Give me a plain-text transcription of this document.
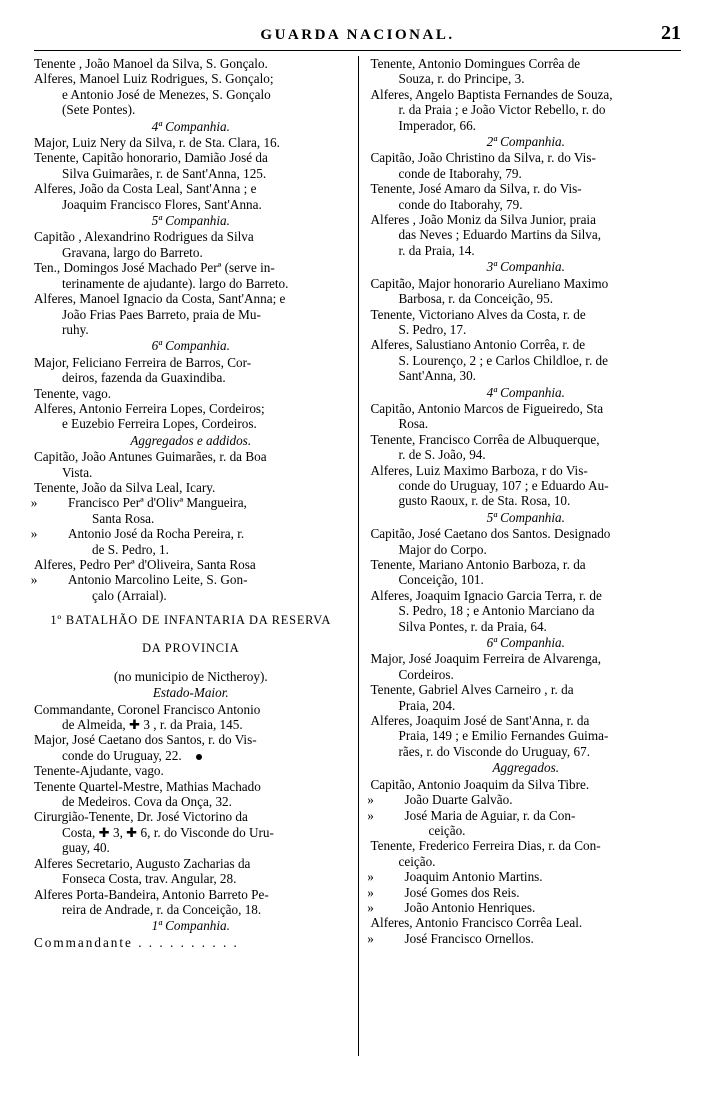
GUARDA NACIONAL.	21

Tenente , João Manoel da Silva, S. Gonçalo.

Alferes, Manoel Luiz Rodrigues, S. Gonçalo;

e Antonio José de Menezes, S. Gonçalo

(Sete Pontes).

4ª Companhia.

Major, Luiz Nery da Silva, r. de Sta. Clara, 16.

Tenente, Capitão honorario, Damião José da

Silva Guimarães, r. de Sant'Anna, 125.

Alferes, João da Costa Leal, Sant'Anna ; e

Joaquim Francisco Flores, Sant'Anna.

5ª Companhia.

Capitão , Alexandrino Rodrigues da Silva

Gravana, largo do Barreto.

Ten., Domingos José Machado Perª (serve in-

terinamente de ajudante). largo do Barreto.

Alferes, Manoel Ignacio da Costa, Sant'Anna; e

João Frias Paes Barreto, praia de Mu-

ruhy.

6ª Companhia.

Major, Feliciano Ferreira de Barros, Cor-

deiros, fazenda da Guaxindiba.

Tenente, vago.

Alferes, Antonio Ferreira Lopes, Cordeiros;

e Euzebio Ferreira Lopes, Cordeiros.

Aggregados e addidos.

Capitão, João Antunes Guimarães, r. da Boa

Vista.

Tenente, João da Silva Leal, Icary.

» Francisco Perª d'Olivª Mangueira,

Santa Rosa.

» Antonio José da Rocha Pereira, r.

de S. Pedro, 1.

Alferes, Pedro Perª d'Oliveira, Santa Rosa

» Antonio Marcolino Leite, S. Gon-

çalo (Arraial).

1º BATALHÃO DE INFANTARIA DA RESERVA

DA PROVINCIA

(no municipio de Nictheroy).

Estado-Maior.

Commandante, Coronel Francisco Antonio

de Almeida, ✚ 3 , r. da Praia, 145.

Major, José Caetano dos Santos, r. do Vis-

conde do Uruguay, 22.

Tenente-Ajudante, vago.

Tenente Quartel-Mestre, Mathias Machado

de Medeiros. Cova da Onça, 32.

Cirurgião-Tenente, Dr. José Victorino da

Costa, ✚ 3, ✚ 6, r. do Visconde do Uru-

guay, 40.

Alferes Secretario, Augusto Zacharias da

Fonseca Costa, trav. Angular, 28.

Alferes Porta-Bandeira, Antonio Barreto Pe-

reira de Andrade, r. da Conceição, 18.

1ª Companhia.

Commandante . . . . . . . . . .

Tenente, Antonio Domingues Corrêa de

Souza, r. do Principe, 3.

Alferes, Angelo Baptista Fernandes de Souza,

r. da Praia ; e João Victor Rebello, r. do

Imperador, 66.

2ª Companhia.

Capitão, João Christino da Silva, r. do Vis-

conde de Itaborahy, 79.

Tenente, José Amaro da Silva, r. do Vis-

conde do Itaborahy, 79.

Alferes , João Moniz da Silva Junior, praia

das Neves ; Eduardo Martins da Silva,

r. da Praia, 14.

3ª Companhia.

Capitão, Major honorario Aureliano Maximo

Barbosa, r. da Conceição, 95.

Tenente, Victoriano Alves da Costa, r. de

S. Pedro, 17.

Alferes, Salustiano Antonio Corrêa, r. de

S. Lourenço, 2 ; e Carlos Childloe, r. de

Sant'Anna, 30.

4ª Companhia.

Capitão, Antonio Marcos de Figueiredo, Sta

Rosa.

Tenente, Francisco Corrêa de Albuquerque,

r. de S. João, 94.

Alferes, Luiz Maximo Barboza, r do Vis-

conde do Uruguay, 107 ; e Eduardo Au-

gusto Raoux, r. de Sta. Rosa, 10.

5ª Companhia.

Capitão, José Caetano dos Santos. Designado

Major do Corpo.

Tenente, Mariano Antonio Barboza, r. da

Conceição, 101.

Alferes, Joaquim Ignacio Garcia Terra, r. de

S. Pedro, 18 ; e Antonio Marciano da

Silva Pontes, r. da Praia, 64.

6ª Companhia.

Major, José Joaquim Ferreira de Alvarenga,

Cordeiros.

Tenente, Gabriel Alves Carneiro , r. da

Praia, 204.

Alferes, Joaquim José de Sant'Anna, r. da

Praia, 149 ; e Emilio Fernandes Guima-

rães, r. do Visconde do Uruguay, 67.

Aggregados.

Capitão, Antonio Joaquim da Silva Tibre.

» João Duarte Galvão.

» José Maria de Aguiar, r. da Con-

ceição.

Tenente, Frederico Ferreira Dias, r. da Con-

ceição.

» Joaquim Antonio Martins.

» José Gomes dos Reis.

» João Antonio Henriques.

Alferes, Antonio Francisco Corrêa Leal.

» José Francisco Ornellos.
